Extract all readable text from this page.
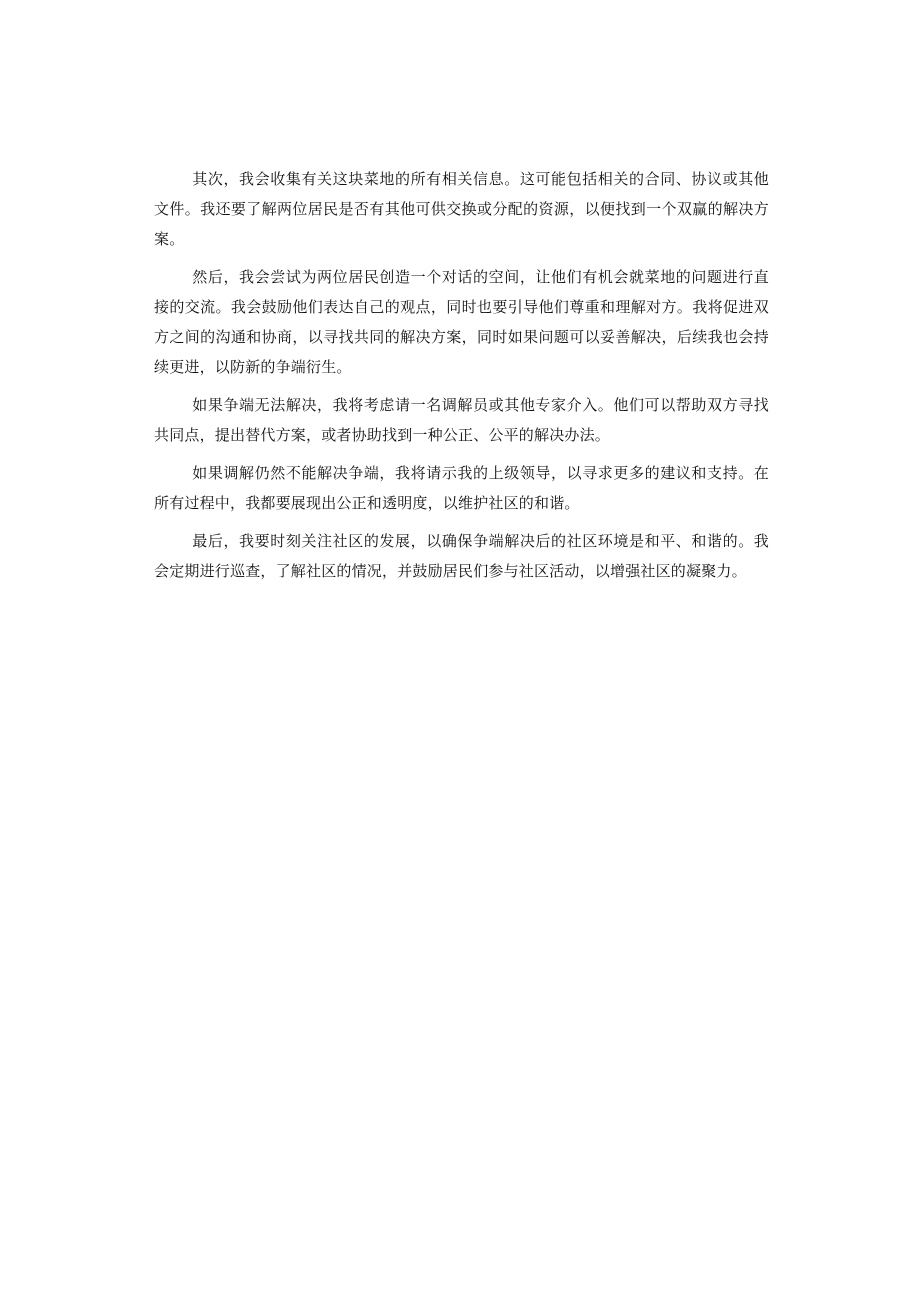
其次，我会收集有关这块菜地的所有相关信息。这可能包括相关的合同、协议或其他文件。我还要了解两位居民是否有其他可供交换或分配的资源，以便找到一个双赢的解决方案。

然后，我会尝试为两位居民创造一个对话的空间，让他们有机会就菜地的问题进行直接的交流。我会鼓励他们表达自己的观点，同时也要引导他们尊重和理解对方。我将促进双方之间的沟通和协商，以寻找共同的解决方案，同时如果问题可以妥善解决，后续我也会持续更进，以防新的争端衍生。

如果争端无法解决，我将考虑请一名调解员或其他专家介入。他们可以帮助双方寻找共同点，提出替代方案，或者协助找到一种公正、公平的解决办法。

如果调解仍然不能解决争端，我将请示我的上级领导，以寻求更多的建议和支持。在所有过程中，我都要展现出公正和透明度，以维护社区的和谐。

最后，我要时刻关注社区的发展，以确保争端解决后的社区环境是和平、和谐的。我会定期进行巡查，了解社区的情况，并鼓励居民们参与社区活动，以增强社区的凝聚力。
